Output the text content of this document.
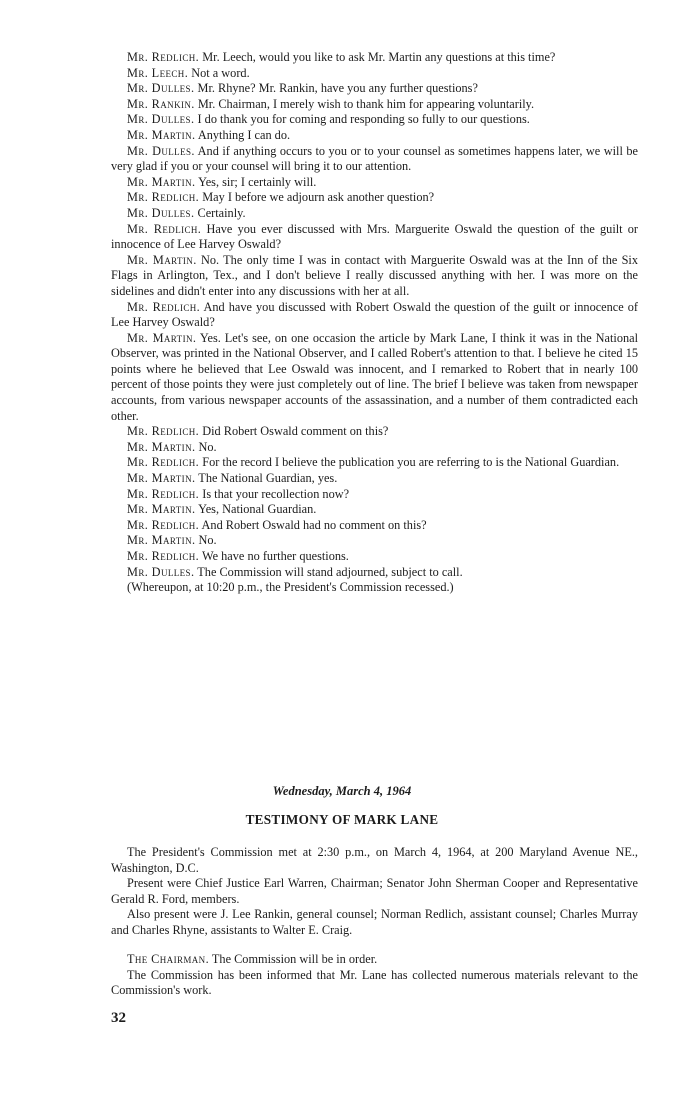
Mr. Redlich. Mr. Leech, would you like to ask Mr. Martin any questions at this time?

Mr. Leech. Not a word.

Mr. Dulles. Mr. Rhyne? Mr. Rankin, have you any further questions?

Mr. Rankin. Mr. Chairman, I merely wish to thank him for appearing voluntarily.

Mr. Dulles. I do thank you for coming and responding so fully to our questions.

Mr. Martin. Anything I can do.

Mr. Dulles. And if anything occurs to you or to your counsel as sometimes happens later, we will be very glad if you or your counsel will bring it to our attention.

Mr. Martin. Yes, sir; I certainly will.

Mr. Redlich. May I before we adjourn ask another question?

Mr. Dulles. Certainly.

Mr. Redlich. Have you ever discussed with Mrs. Marguerite Oswald the question of the guilt or innocence of Lee Harvey Oswald?

Mr. Martin. No. The only time I was in contact with Marguerite Oswald was at the Inn of the Six Flags in Arlington, Tex., and I don't believe I really discussed anything with her. I was more on the sidelines and didn't enter into any discussions with her at all.

Mr. Redlich. And have you discussed with Robert Oswald the question of the guilt or innocence of Lee Harvey Oswald?

Mr. Martin. Yes. Let's see, on one occasion the article by Mark Lane, I think it was in the National Observer, was printed in the National Observer, and I called Robert's attention to that. I believe he cited 15 points where he believed that Lee Oswald was innocent, and I remarked to Robert that in nearly 100 percent of those points they were just completely out of line. The brief I believe was taken from newspaper accounts, from various newspaper accounts of the assassination, and a number of them contradicted each other.

Mr. Redlich. Did Robert Oswald comment on this?

Mr. Martin. No.

Mr. Redlich. For the record I believe the publication you are referring to is the National Guardian.

Mr. Martin. The National Guardian, yes.

Mr. Redlich. Is that your recollection now?

Mr. Martin. Yes, National Guardian.

Mr. Redlich. And Robert Oswald had no comment on this?

Mr. Martin. No.

Mr. Redlich. We have no further questions.

Mr. Dulles. The Commission will stand adjourned, subject to call.

(Whereupon, at 10:20 p.m., the President's Commission recessed.)

Wednesday, March 4, 1964
TESTIMONY OF MARK LANE

The President's Commission met at 2:30 p.m., on March 4, 1964, at 200 Maryland Avenue NE., Washington, D.C.

Present were Chief Justice Earl Warren, Chairman; Senator John Sherman Cooper and Representative Gerald R. Ford, members.

Also present were J. Lee Rankin, general counsel; Norman Redlich, assistant counsel; Charles Murray and Charles Rhyne, assistants to Walter E. Craig.

The Chairman. The Commission will be in order.

The Commission has been informed that Mr. Lane has collected numerous materials relevant to the Commission's work.

32
